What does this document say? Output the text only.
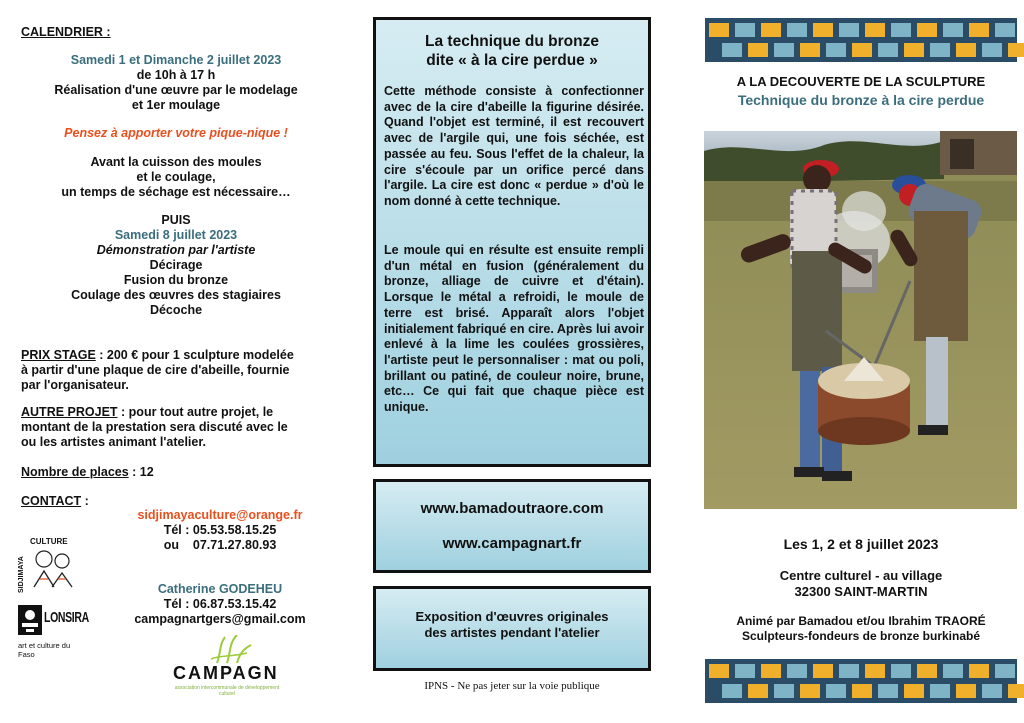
CALENDRIER :
Samedi 1 et Dimanche 2 juillet 2023
de 10h à 17 h
Réalisation d'une œuvre par le modelage
et 1er moulage
Pensez à apporter votre pique-nique !
Avant la cuisson des moules
et le coulage,
un temps de séchage est nécessaire…
PUIS
Samedi 8 juillet 2023
Démonstration par l'artiste
Décirage
Fusion du bronze
Coulage des œuvres des stagiaires
Décoche
PRIX STAGE : 200 € pour 1 sculpture modelée
à partir d'une plaque de cire d'abeille, fournie
par l'organisateur.
AUTRE PROJET : pour tout autre projet, le
montant de la prestation sera discuté avec le
ou les artistes animant l'atelier.
Nombre de places : 12
CONTACT :
sidjimayaculture@orange.fr
Tél : 05.53.58.15.25
ou    07.71.27.80.93
Catherine GODEHEU
Tél : 06.87.53.15.42
campagnartgers@gmail.com
SIDJIMAYA
CULTURE
LONSIRA
art et culture du Faso
CAMPAGN
association intercommunale de développement culturel
La technique du bronze
dite « à la cire perdue »
Cette méthode consiste à confectionner avec de la cire d'abeille la figurine désirée. Quand l'objet est terminé, il est recouvert avec de l'argile qui, une fois séchée, est passée au feu. Sous l'effet de la chaleur, la cire s'écoule par un orifice percé dans l'argile. La cire est donc « perdue » d'où le nom donné à cette technique.
Le moule qui en résulte est ensuite rempli d'un métal en fusion (généralement du bronze, alliage de cuivre et d'étain). Lorsque le métal a refroidi, le moule de terre est brisé. Apparaît alors l'objet initialement fabriqué en cire. Après lui avoir enlevé à la lime les coulées grossières, l'artiste peut le personnaliser : mat ou poli, brillant ou patiné, de couleur noire, brune, etc… Ce qui fait que chaque pièce est unique.
www.bamadoutraore.com
www.campagnart.fr
Exposition d'œuvres originales
des artistes pendant l'atelier
IPNS - Ne pas jeter sur la voie publique
A LA DECOUVERTE DE LA SCULPTURE
Technique du bronze à la cire perdue
Les 1, 2 et 8 juillet 2023
Centre culturel - au village
32300 SAINT-MARTIN
Animé par Bamadou et/ou Ibrahim TRAORÉ
Sculpteurs-fondeurs de bronze burkinabé
